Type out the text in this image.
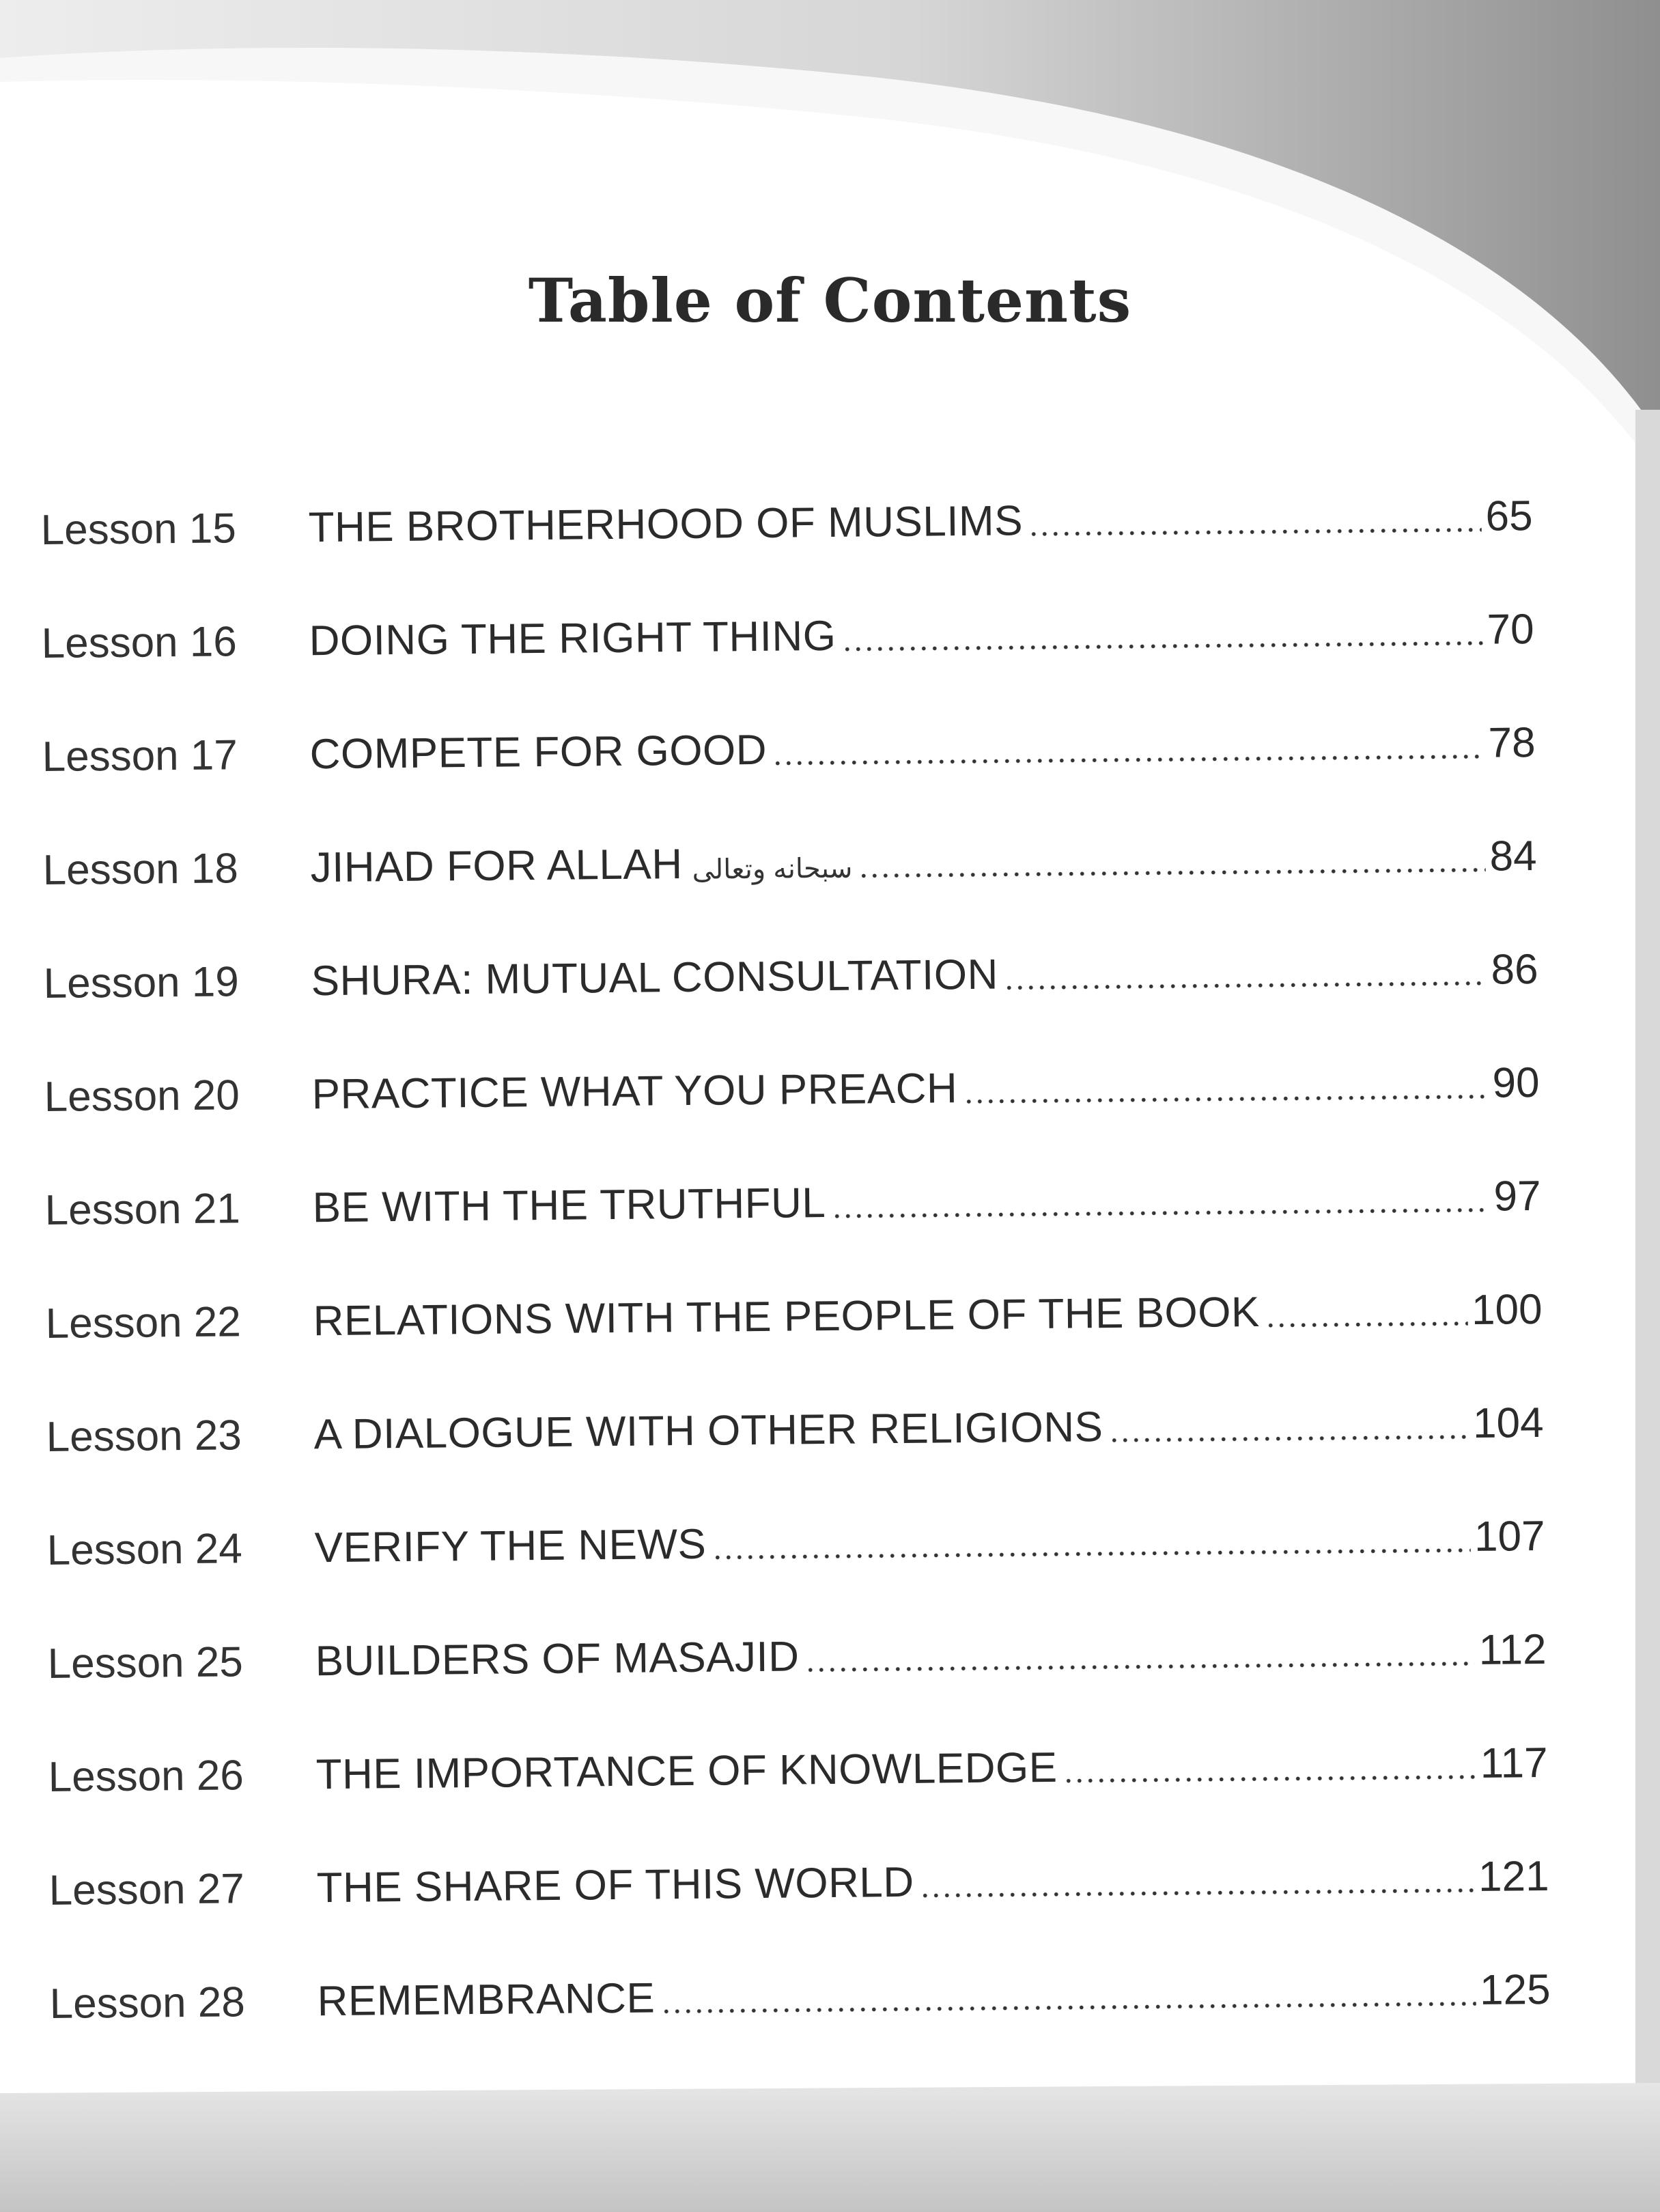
Table of Contents
Lesson 15 THE BROTHERHOOD OF MUSLIMS	65
Lesson 16 DOING THE RIGHT THING	70
Lesson 17 COMPETE FOR GOOD	78
Lesson 18 JIHAD FOR ALLAH سبحانه وتعالى	84
Lesson 19 SHURA: MUTUAL CONSULTATION	86
Lesson 20 PRACTICE WHAT YOU PREACH	90
Lesson 21 BE WITH THE TRUTHFUL	97
Lesson 22 RELATIONS WITH THE PEOPLE OF THE BOOK	100
Lesson 23 A DIALOGUE WITH OTHER RELIGIONS	104
Lesson 24 VERIFY THE NEWS	107
Lesson 25 BUILDERS OF MASAJID	112
Lesson 26 THE IMPORTANCE OF KNOWLEDGE	117
Lesson 27 THE SHARE OF THIS WORLD	121
Lesson 28 REMEMBRANCE	125
